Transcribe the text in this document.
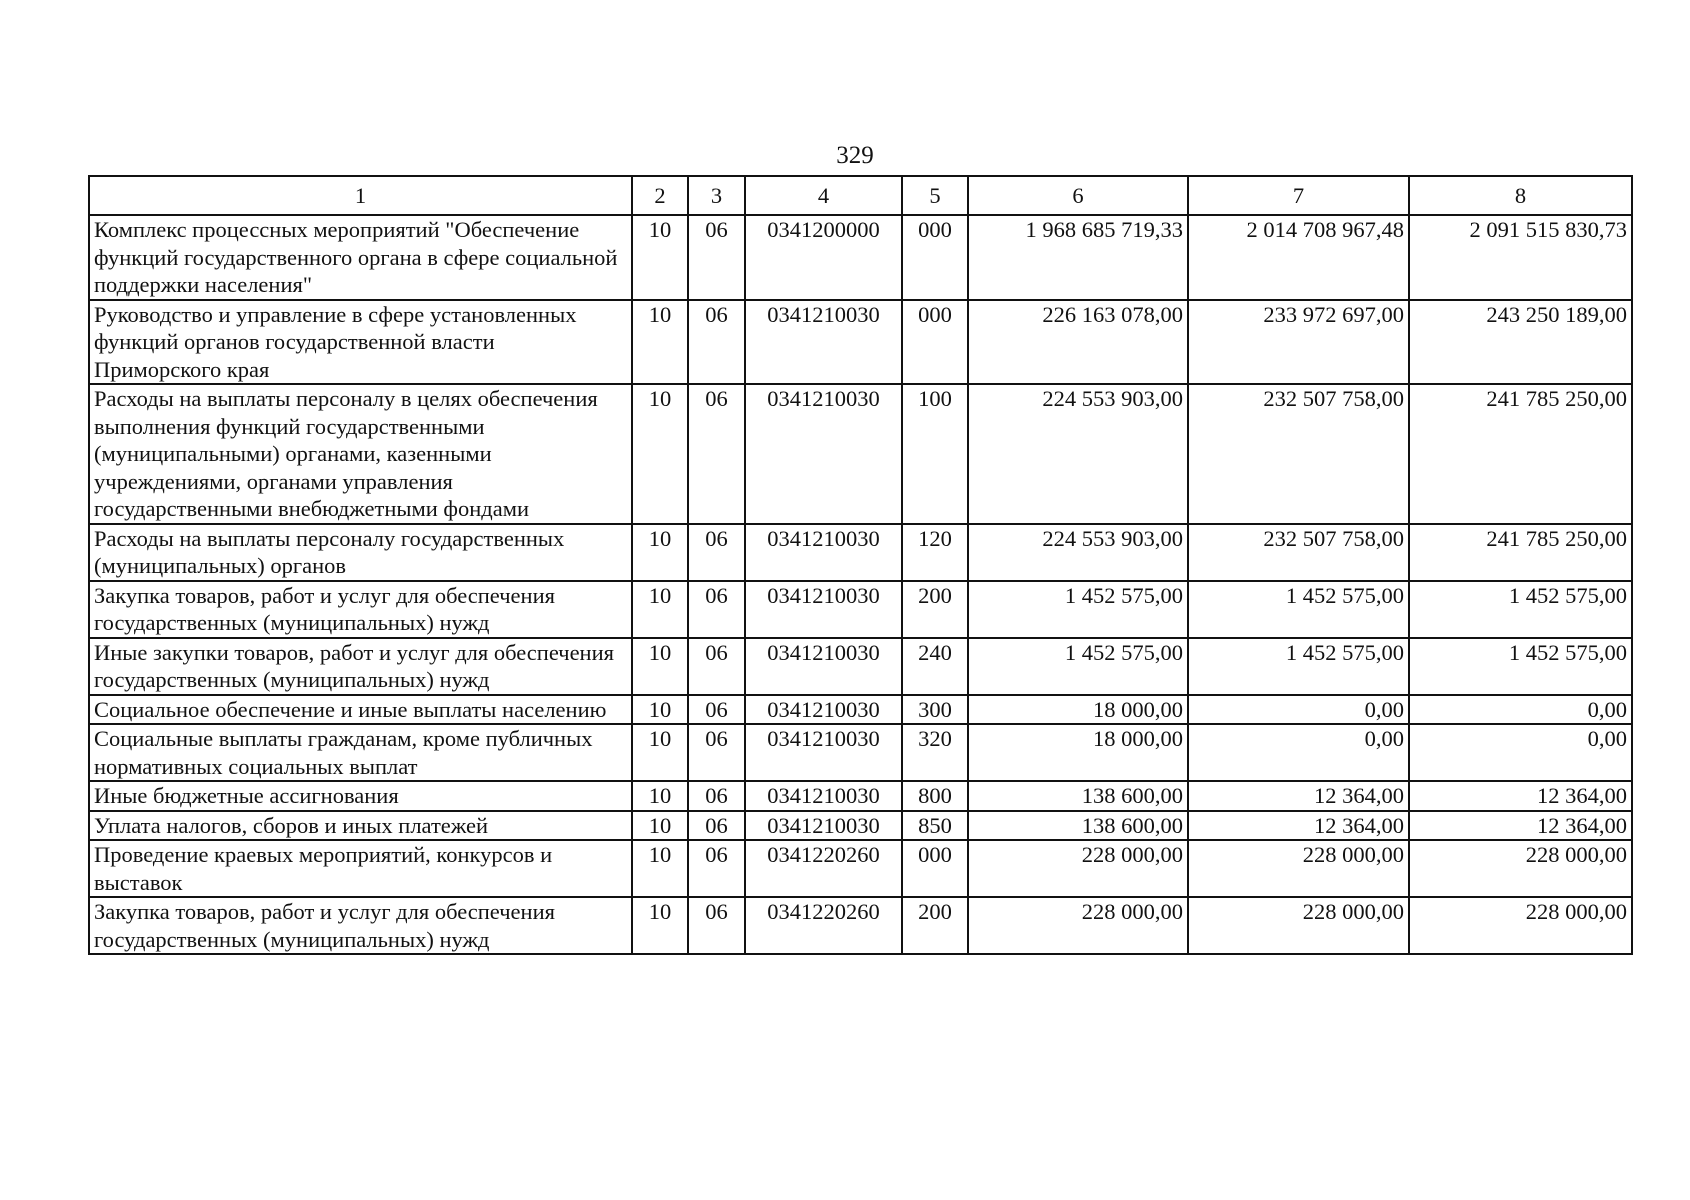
329
1	2	3	4	5	6	7	8
Комплекс процессных мероприятий "Обеспечение функций государственного органа в сфере социальной поддержки населения"	10	06	0341200000	000	1 968 685 719,33	2 014 708 967,48	2 091 515 830,73
Руководство и управление в сфере установленных функций органов государственной власти Приморского края	10	06	0341210030	000	226 163 078,00	233 972 697,00	243 250 189,00
Расходы на выплаты персоналу в целях обеспечения выполнения функций государственными (муниципальными) органами, казенными учреждениями, органами управления государственными внебюджетными фондами	10	06	0341210030	100	224 553 903,00	232 507 758,00	241 785 250,00
Расходы на выплаты персоналу государственных (муниципальных) органов	10	06	0341210030	120	224 553 903,00	232 507 758,00	241 785 250,00
Закупка товаров, работ и услуг для обеспечения государственных (муниципальных) нужд	10	06	0341210030	200	1 452 575,00	1 452 575,00	1 452 575,00
Иные закупки товаров, работ и услуг для обеспечения государственных (муниципальных) нужд	10	06	0341210030	240	1 452 575,00	1 452 575,00	1 452 575,00
Социальное обеспечение и иные выплаты населению	10	06	0341210030	300	18 000,00	0,00	0,00
Социальные выплаты гражданам, кроме публичных нормативных социальных выплат	10	06	0341210030	320	18 000,00	0,00	0,00
Иные бюджетные ассигнования	10	06	0341210030	800	138 600,00	12 364,00	12 364,00
Уплата налогов, сборов и иных платежей	10	06	0341210030	850	138 600,00	12 364,00	12 364,00
Проведение краевых мероприятий, конкурсов и выставок	10	06	0341220260	000	228 000,00	228 000,00	228 000,00
Закупка товаров, работ и услуг для обеспечения государственных (муниципальных) нужд	10	06	0341220260	200	228 000,00	228 000,00	228 000,00
